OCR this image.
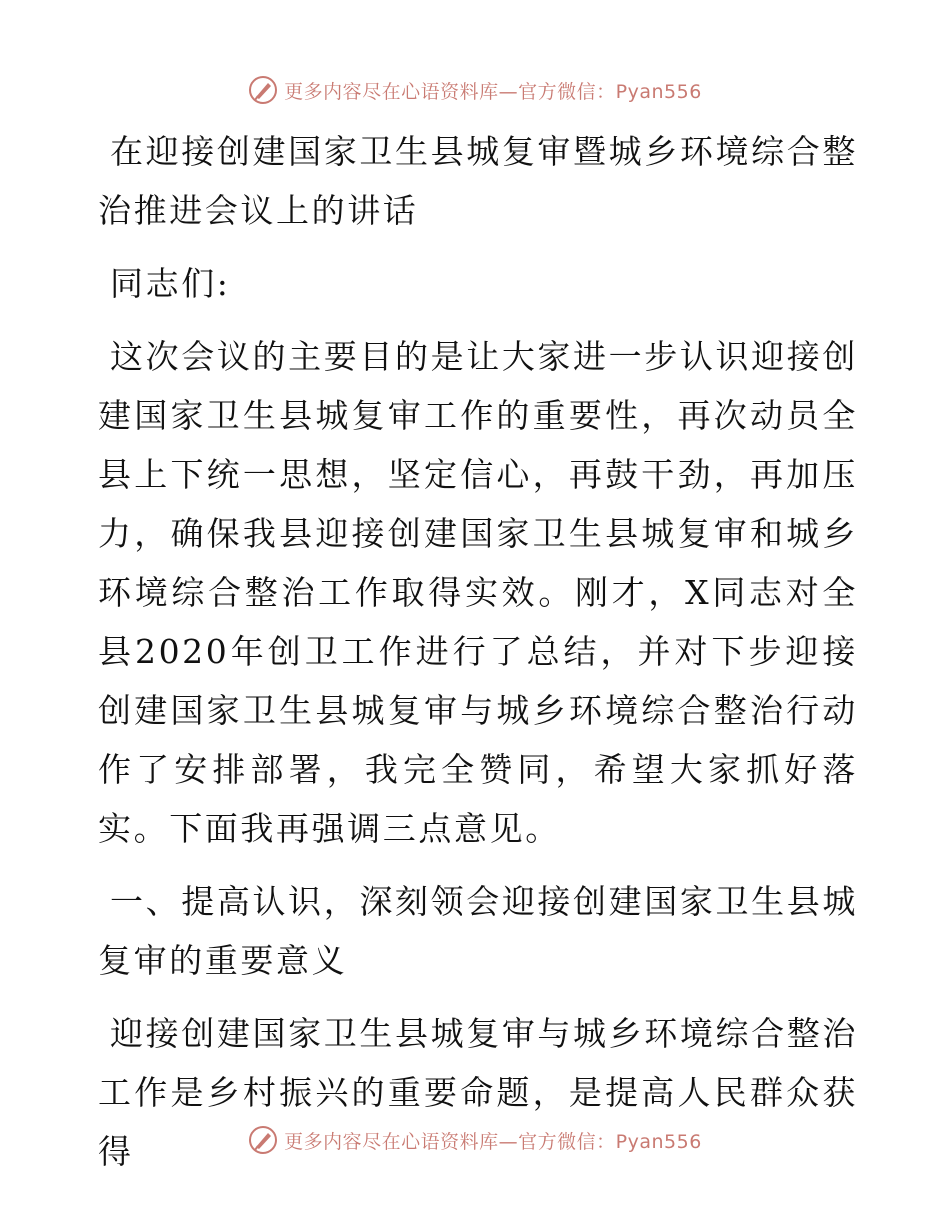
更多内容尽在心语资料库—官方微信：Pyan556

在迎接创建国家卫生县城复审暨城乡环境综合整治推进会议上的讲话

同志们:

这次会议的主要目的是让大家进一步认识迎接创建国家卫生县城复审工作的重要性，再次动员全县上下统一思想，坚定信心，再鼓干劲，再加压力，确保我县迎接创建国家卫生县城复审和城乡环境综合整治工作取得实效。刚才，X同志对全县2020年创卫工作进行了总结，并对下步迎接创建国家卫生县城复审与城乡环境综合整治行动作了安排部署，我完全赞同，希望大家抓好落实。下面我再强调三点意见。

一、提高认识，深刻领会迎接创建国家卫生县城复审的重要意义

迎接创建国家卫生县城复审与城乡环境综合整治工作是乡村振兴的重要命题，是提高人民群众获得	更多内容尽在心语资料库—官方微信：Pyan556
